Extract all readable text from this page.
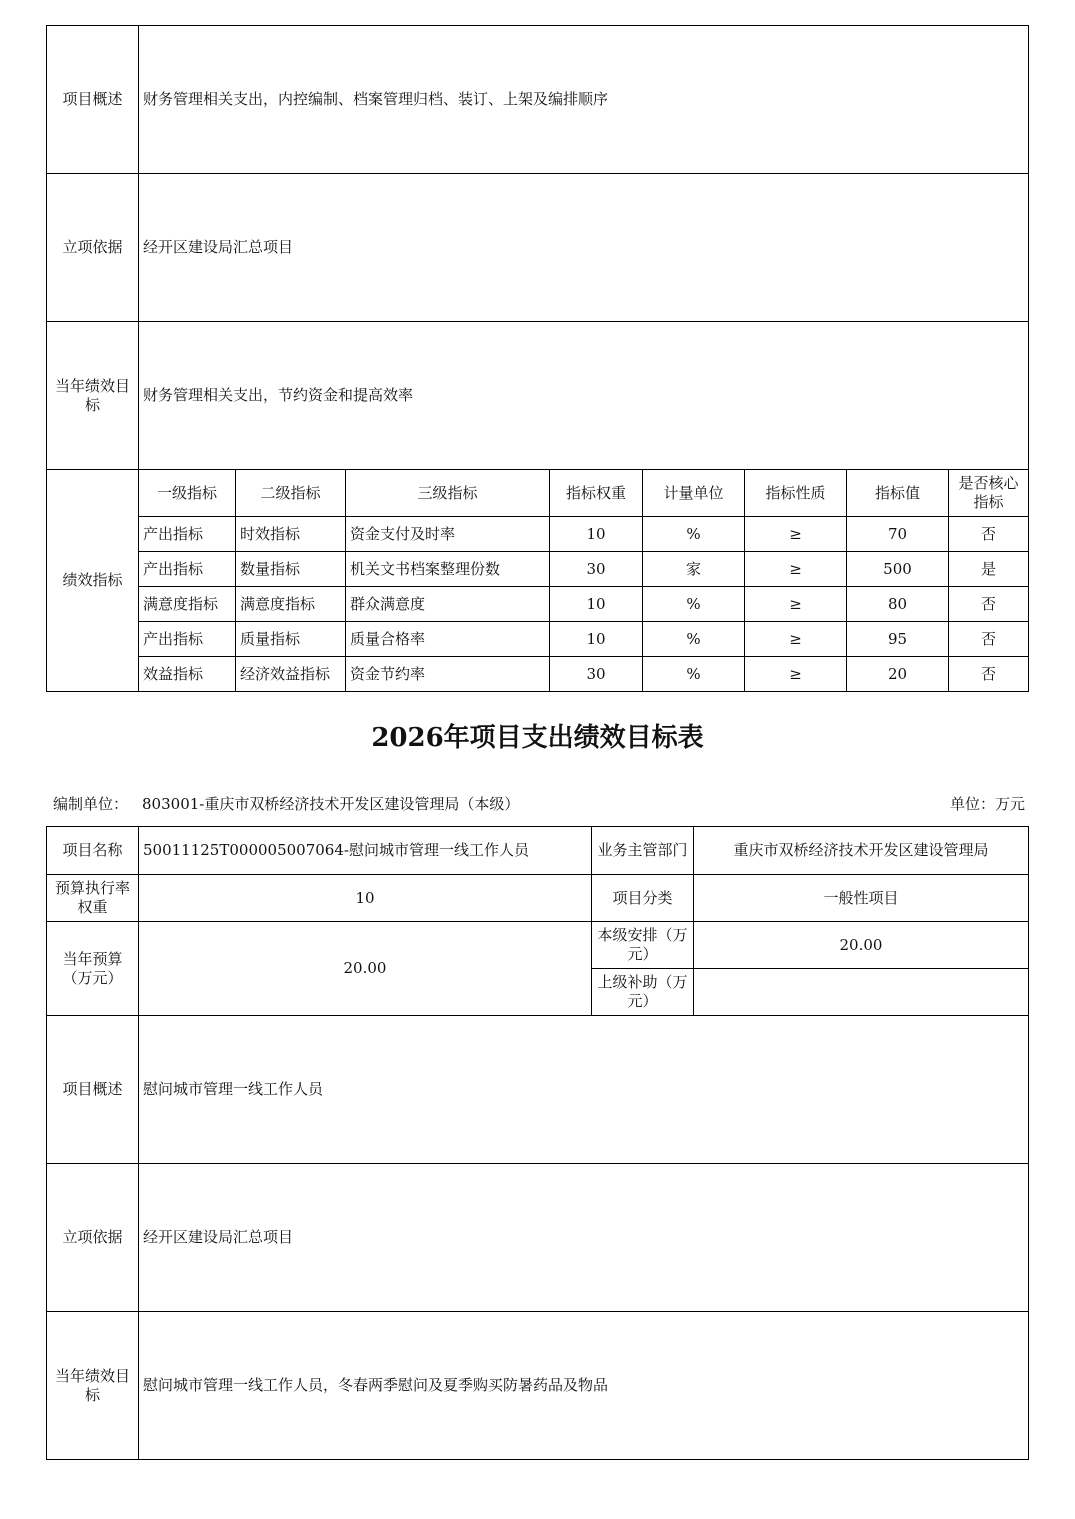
项目概述	财务管理相关支出，内控编制、档案管理归档、装订、上架及编排顺序							
立项依据	经开区建设局汇总项目							
当年绩效目标	财务管理相关支出，节约资金和提高效率							
绩效指标	一级指标	二级指标	三级指标	指标权重	计量单位	指标性质	指标值	是否核心指标
	产出指标	时效指标	资金支付及时率	10	%	≥	70	否
	产出指标	数量指标	机关文书档案整理份数	30	家	≥	500	是
	满意度指标	满意度指标	群众满意度	10	%	≥	80	否
	产出指标	质量指标	质量合格率	10	%	≥	95	否
	效益指标	经济效益指标	资金节约率	30	%	≥	20	否
2026年项目支出绩效目标表
编制单位： 803001-重庆市双桥经济技术开发区建设管理局（本级）	单位：万元
项目名称	50011125T000005007064-慰问城市管理一线工作人员	业务主管部门	重庆市双桥经济技术开发区建设管理局
预算执行率权重	10	项目分类	一般性项目
当年预算（万元）	20.00	本级安排（万元）	20.00
		上级补助（万元）	
项目概述	慰问城市管理一线工作人员		
立项依据	经开区建设局汇总项目		
当年绩效目标	慰问城市管理一线工作人员，冬春两季慰问及夏季购买防暑药品及物品		
